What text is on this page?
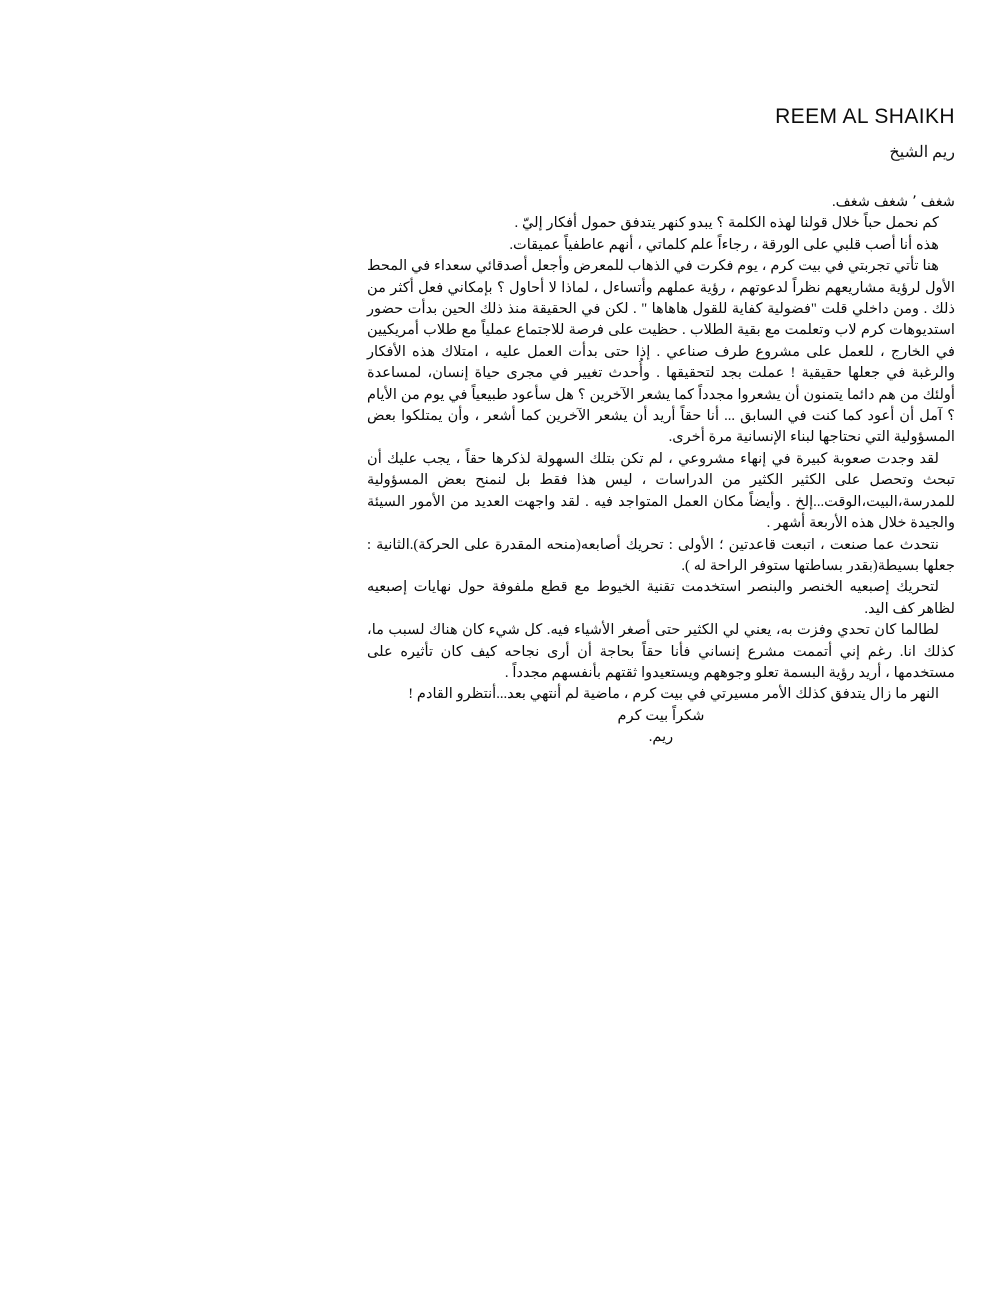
REEM AL SHAIKH
ريم الشيخ

شغف ٬ شغف شغف.

كم نحمل حباً خلال قولنا لهذه الكلمة ؟ يبدو كنهر يتدفق حمول أفكار إليّ .

هذه أنا أصب قلبي على الورقة ، رجاءاً علم كلماتي ، أنهم عاطفياً عميقات.

هنا تأتي تجربتي في بيت كرم ، يوم فكرت في الذهاب للمعرض وأجعل أصدقائي سعداء في المحط الأول لرؤية مشاريعهم نظراً لدعوتهم ، رؤية عملهم وأتساءل ، لماذا لا أحاول ؟ بإمكاني فعل أكثر من ذلك . ومن داخلي قلت "فضولية كفاية للقول هاهاها " . لكن في الحقيقة منذ ذلك الحين بدأت حضور استديوهات كرم لاب وتعلمت مع بقية الطلاب . حظيت على فرصة للاجتماع عملياً مع طلاب أمريكيين في الخارج ، للعمل على مشروع طرف صناعي . إذا حتى بدأت العمل عليه ، امتلاك هذه الأفكار والرغبة في جعلها حقيقية ! عملت بجد لتحقيقها . وأُحدث تغيير في مجرى حياة إنسان، لمساعدة أولئك من هم دائما يتمنون أن يشعروا مجدداً كما يشعر الآخرين ؟ هل سأعود طبيعياً في يوم من الأيام ؟ آمل أن أعود كما كنت في السابق ... أنا حقاً أريد أن يشعر الآخرين كما أشعر ، وأن يمتلكوا بعض المسؤولية التي نحتاجها لبناء الإنسانية مرة أخرى.

لقد وجدت صعوبة كبيرة في إنهاء مشروعي ، لم تكن بتلك السهولة لذكرها حقاً ، يجب عليك أن تبحث وتحصل على الكثير الكثير من الدراسات ، ليس هذا فقط بل لنمنح بعض المسؤولية للمدرسة،البيت،الوقت...إلخ . وأيضاً مكان العمل المتواجد فيه . لقد واجهت العديد من الأمور السيئة والجيدة خلال هذه الأربعة أشهر .

نتحدث عما صنعت ، اتبعت قاعدتين ؛ الأولى : تحريك أصابعه(منحه المقدرة على الحركة).الثانية : جعلها بسيطة(بقدر بساطتها ستوفر الراحة له ).

لتحريك إصبعيه الخنصر والبنصر استخدمت تقنية الخيوط مع قطع ملفوفة حول نهايات إصبعيه لظاهر كف اليد.

لطالما كان تحدي وفزت به، يعني لي الكثير حتى أصغر الأشياء فيه. كل شيء كان هناك لسبب ما، كذلك انا. رغم إني أتممت مشرع إنساني فأنا حقاً بحاجة أن أرى نجاحه كيف كان تأثيره على مستخدمها ، أريد رؤية البسمة تعلو وجوههم ويستعيدوا ثقتهم بأنفسهم مجدداً .

النهر ما زال يتدفق كذلك الأمر مسيرتي في بيت كرم ، ماضية لم أنتهي بعد...أنتظرو القادم !

شكراً بيت كرم

ريم.
